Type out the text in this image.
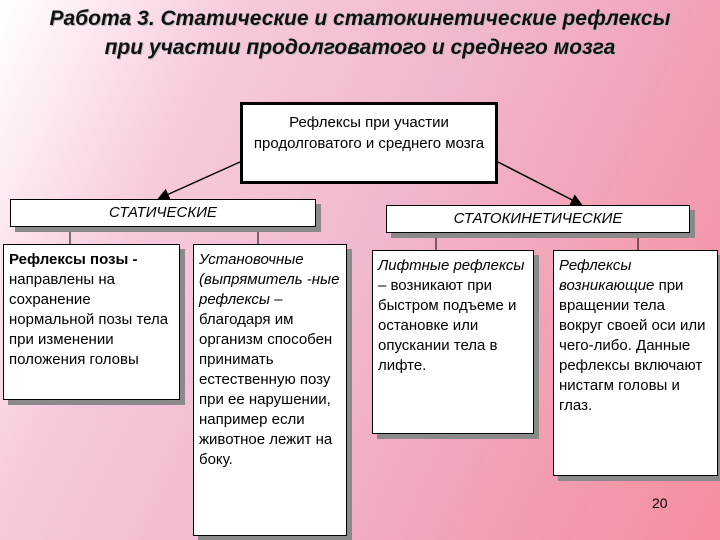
Работа 3. Статические и статокинетические рефлексы при участии продолговатого и среднего мозга
Рефлексы при участии продолговатого и среднего мозга
СТАТИЧЕСКИЕ	СТАТОКИНЕТИЧЕСКИЕ
Рефлексы позы - направлены на сохранение нормальной позы тела при изменении положения головы
Установочные (выпрямитель -ные рефлексы – благодаря им организм способен принимать естественную позу при ее нарушении, например если животное лежит на боку.
Лифтные рефлексы – возникают при быстром подъеме и остановке или опускании тела в лифте.
Рефлексы возникающие при вращении тела вокруг своей оси или чего-либо. Данные рефлексы включают нистагм головы и глаз.
20
